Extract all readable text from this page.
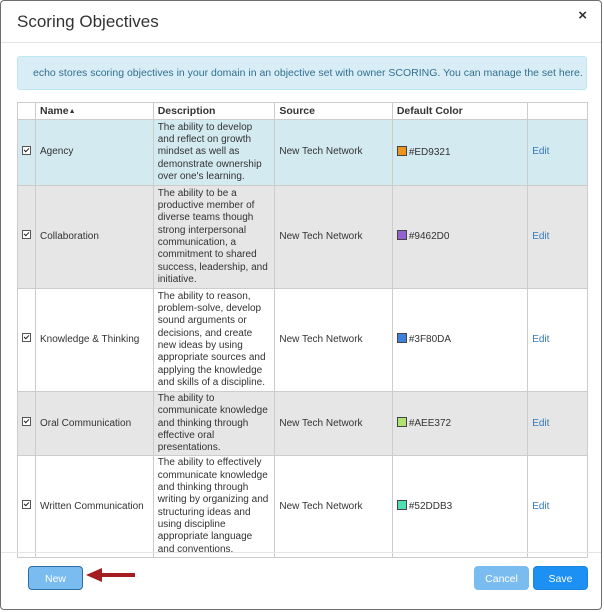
Scoring Objectives	×
echo stores scoring objectives in your domain in an objective set with owner SCORING. You can manage the set here.
	Name▲	Description	Source	Default Color	
	Agency	The ability to develop and reflect on growth mindset as well as demonstrate ownership over one's learning.	New Tech Network	#ED9321	Edit
	Collaboration	The ability to be a productive member of diverse teams though strong interpersonal communication, a commitment to shared success, leadership, and initiative.	New Tech Network	#9462D0	Edit
	Knowledge & Thinking	The ability to reason, problem-solve, develop sound arguments or decisions, and create new ideas by using appropriate sources and applying the knowledge and skills of a discipline.	New Tech Network	#3F80DA	Edit
	Oral Communication	The ability to communicate knowledge and thinking through effective oral presentations.	New Tech Network	#AEE372	Edit
	Written Communication	The ability to effectively communicate knowledge and thinking through writing by organizing and structuring ideas and using discipline appropriate language and conventions.	New Tech Network	#52DDB3	Edit
New	Cancel	Save
